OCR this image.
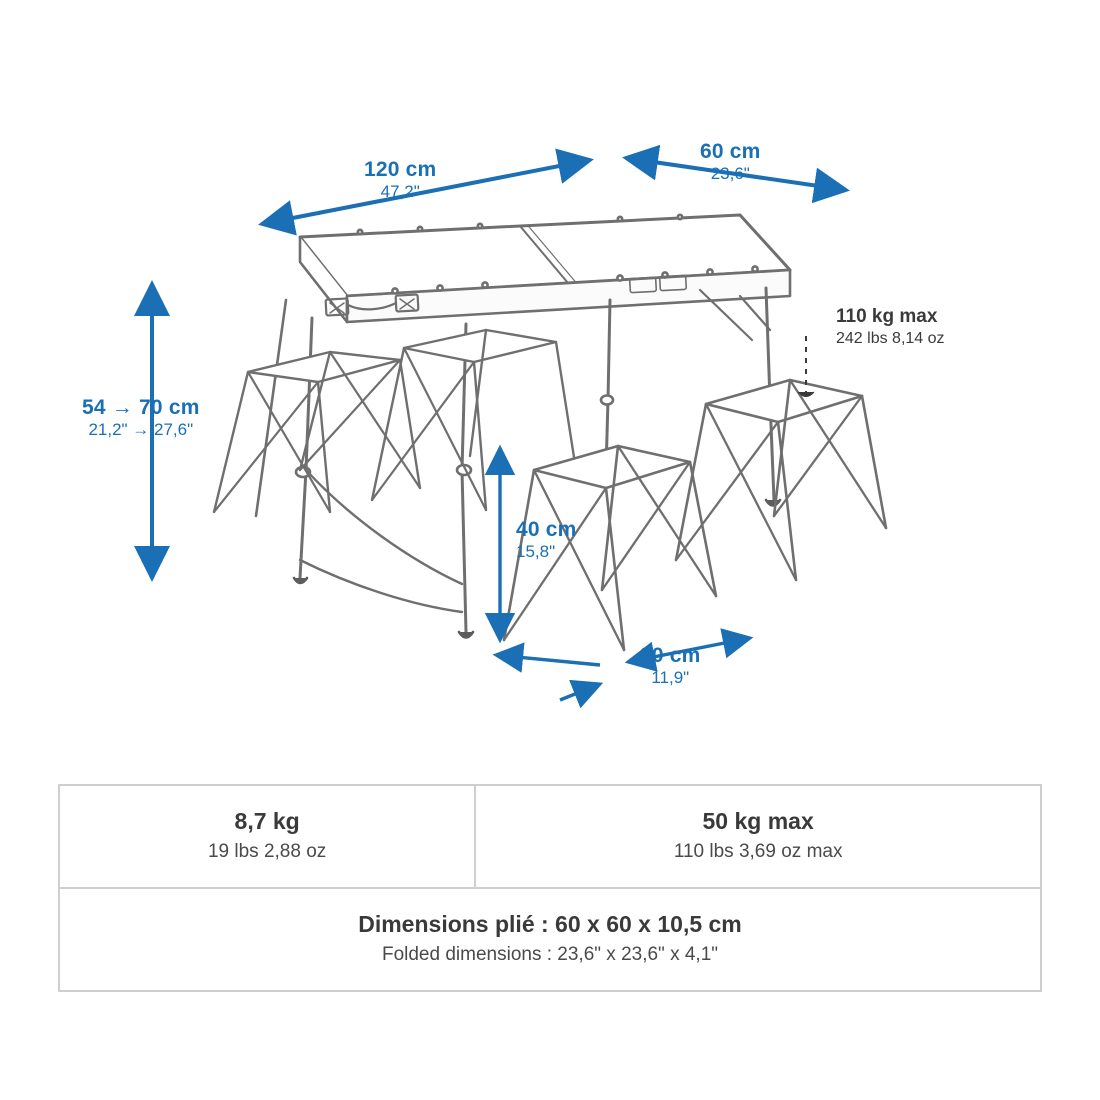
120 cm
47,2"
60 cm
23,6"
54 → 70 cm
21,2" → 27,6"
40 cm
15,8"
30 cm
11,9"
110 kg max
242 lbs 8,14 oz
8,7 kg
19 lbs 2,88 oz

50 kg max
110 lbs 3,69 oz max

Dimensions plié : 60 x 60 x 10,5 cm
Folded dimensions : 23,6" x 23,6" x 4,1"
